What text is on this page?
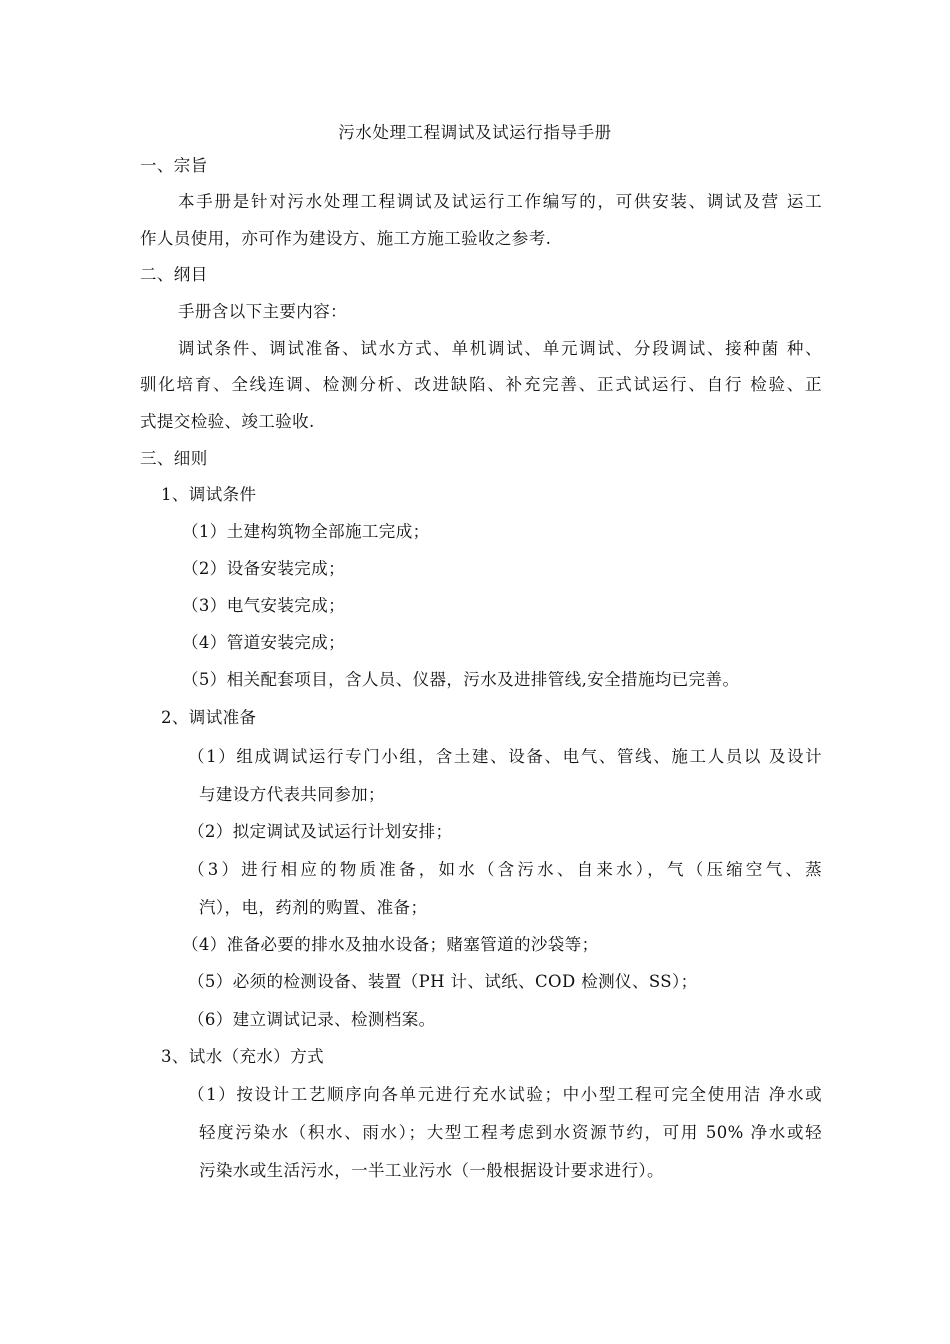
污水处理工程调试及试运行指导手册
一、宗旨
本手册是针对污水处理工程调试及试运行工作编写的，可供安装、调试及营 运工
作人员使用，亦可作为建设方、施工方施工验收之参考.
二、纲目
手册含以下主要内容：
调试条件、调试准备、试水方式、单机调试、单元调试、分段调试、接种菌 种、
驯化培育、全线连调、检测分析、改进缺陷、补充完善、正式试运行、自行 检验、正
式提交检验、竣工验收.
三、细则
1、调试条件
（1）土建构筑物全部施工完成；
（2）设备安装完成；
（3）电气安装完成；
（4）管道安装完成；
（5）相关配套项目，含人员、仪器，污水及进排管线,安全措施均已完善。
2、调试准备
（1）组成调试运行专门小组，含土建、设备、电气、管线、施工人员以 及设计
与建设方代表共同参加；
（2）拟定调试及试运行计划安排；
（3）进行相应的物质准备，如水（含污水、自来水），气（压缩空气、蒸
汽），电，药剂的购置、准备；
（4）准备必要的排水及抽水设备；赌塞管道的沙袋等；
（5）必须的检测设备、装置（PH 计、试纸、COD 检测仪、SS）；
（6）建立调试记录、检测档案。
3、试水（充水）方式
（1）按设计工艺顺序向各单元进行充水试验；中小型工程可完全使用洁 净水或
轻度污染水（积水、雨水）；大型工程考虑到水资源节约，可用 50% 净水或轻
污染水或生活污水，一半工业污水（一般根据设计要求进行）。
